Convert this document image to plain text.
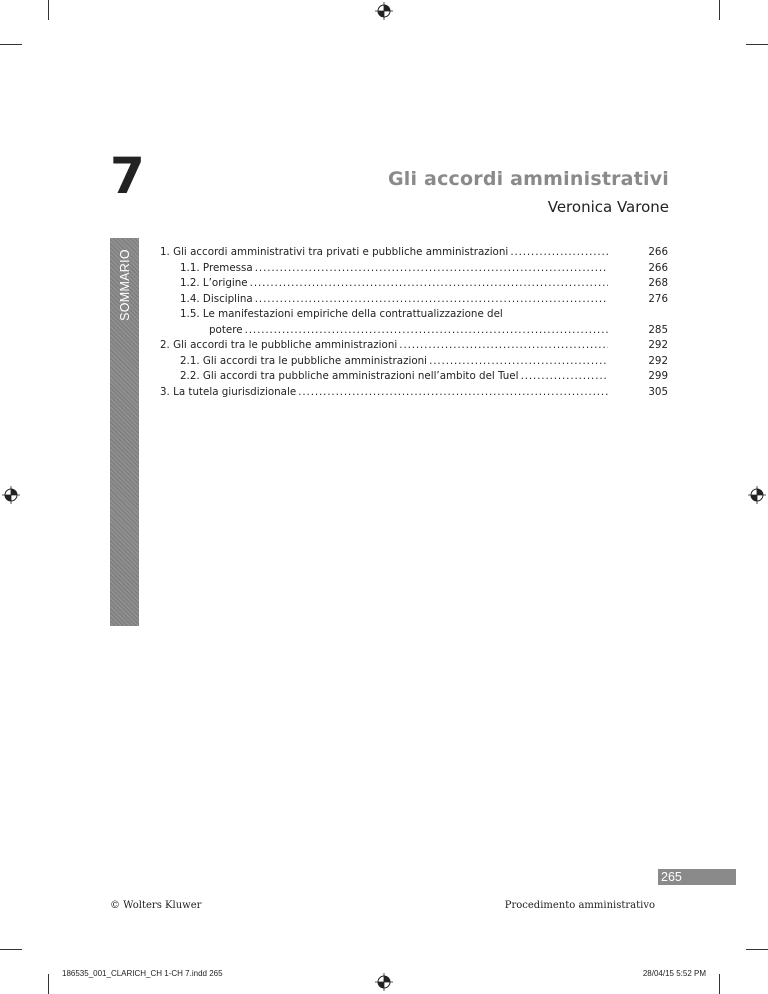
7	Gli accordi amministrativi
Veronica Varone
SOMMARIO	1. Gli accordi amministrativi tra privati e pubbliche amministrazioni . . .	266
1.1. Premessa . . .	266
1.2. L’origine . . .	268
1.4. Disciplina . . .	276
1.5. Le manifestazioni empiriche della contrattualizzazione del
potere . . .	285
2. Gli accordi tra le pubbliche amministrazioni . . .	292
2.1. Gli accordi tra le pubbliche amministrazioni . . .	292
2.2. Gli accordi tra pubbliche amministrazioni nell’ambito del Tuel . . .	299
3. La tutela giurisdizionale . . .	305
265
© Wolters Kluwer	Procedimento amministrativo
186535_001_CLARICH_CH 1-CH 7.indd 265	28/04/15 5:52 PM
